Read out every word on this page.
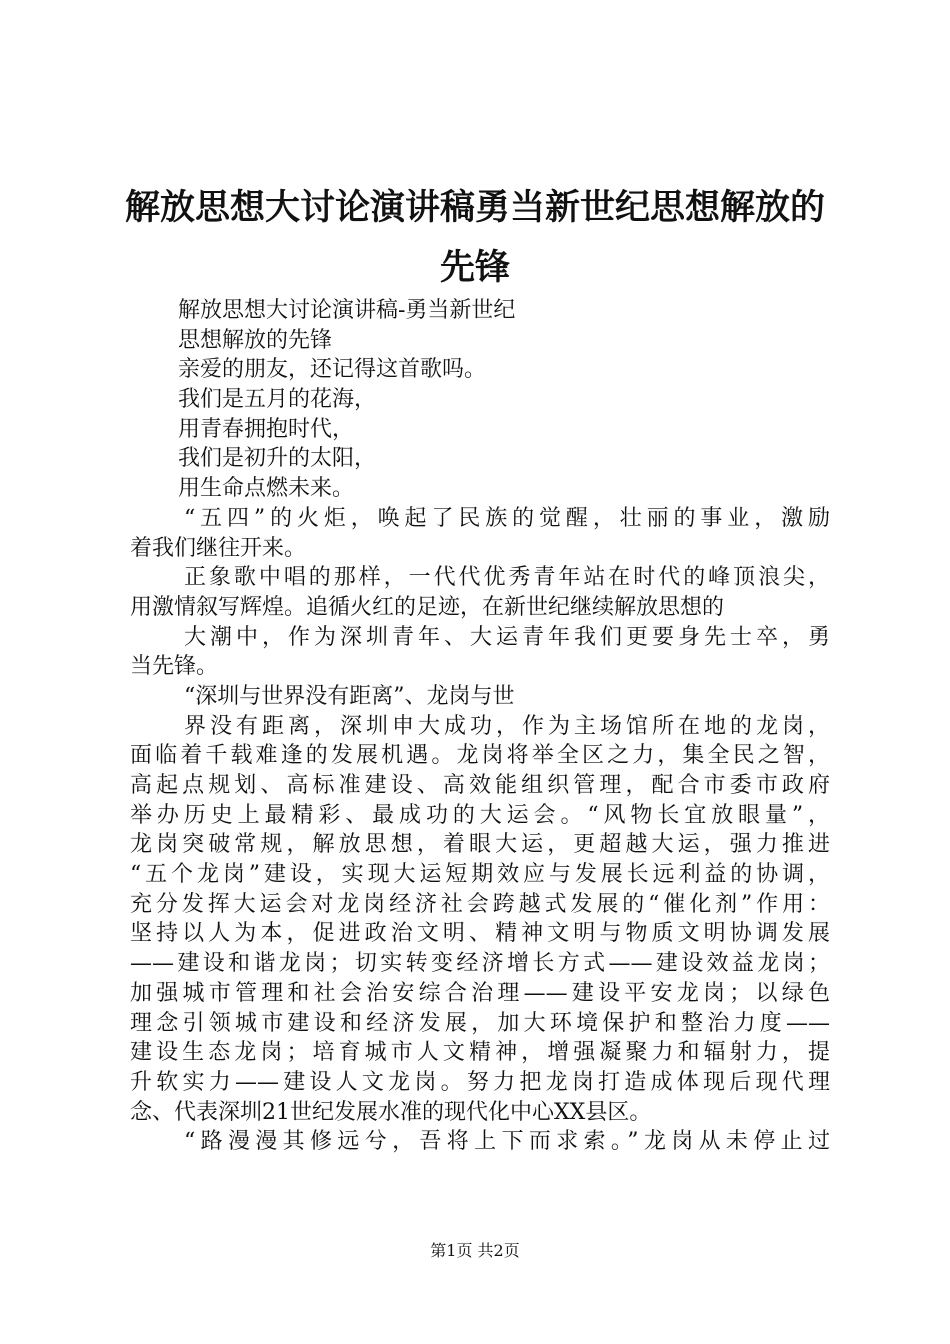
解放思想大讨论演讲稿勇当新世纪思想解放的
先锋
解放思想大讨论演讲稿-勇当新世纪
思想解放的先锋
亲爱的朋友，还记得这首歌吗。
我们是五月的花海，
用青春拥抱时代，
我们是初升的太阳，
用生命点燃未来。
“五四”的火炬，唤起了民族的觉醒，壮丽的事业，激励
着我们继往开来。
正象歌中唱的那样，一代代优秀青年站在时代的峰顶浪尖，
用激情叙写辉煌。追循火红的足迹，在新世纪继续解放思想的
大潮中，作为深圳青年、大运青年我们更要身先士卒，勇
当先锋。
“深圳与世界没有距离”、龙岗与世
界没有距离，深圳申大成功，作为主场馆所在地的龙岗，
面临着千载难逢的发展机遇。龙岗将举全区之力，集全民之智，
高起点规划、高标准建设、高效能组织管理，配合市委市政府
举办历史上最精彩、最成功的大运会。“风物长宜放眼量”，
龙岗突破常规，解放思想，着眼大运，更超越大运，强力推进
“五个龙岗”建设，实现大运短期效应与发展长远利益的协调，
充分发挥大运会对龙岗经济社会跨越式发展的“催化剂”作用：
坚持以人为本，促进政治文明、精神文明与物质文明协调发展
——建设和谐龙岗；切实转变经济增长方式——建设效益龙岗；
加强城市管理和社会治安综合治理——建设平安龙岗；以绿色
理念引领城市建设和经济发展，加大环境保护和整治力度——
建设生态龙岗；培育城市人文精神，增强凝聚力和辐射力，提
升软实力——建设人文龙岗。努力把龙岗打造成体现后现代理
念、代表深圳21世纪发展水准的现代化中心XX县区。
“路漫漫其修远兮，吾将上下而求索。”龙岗从未停止过
第1页 共2页
